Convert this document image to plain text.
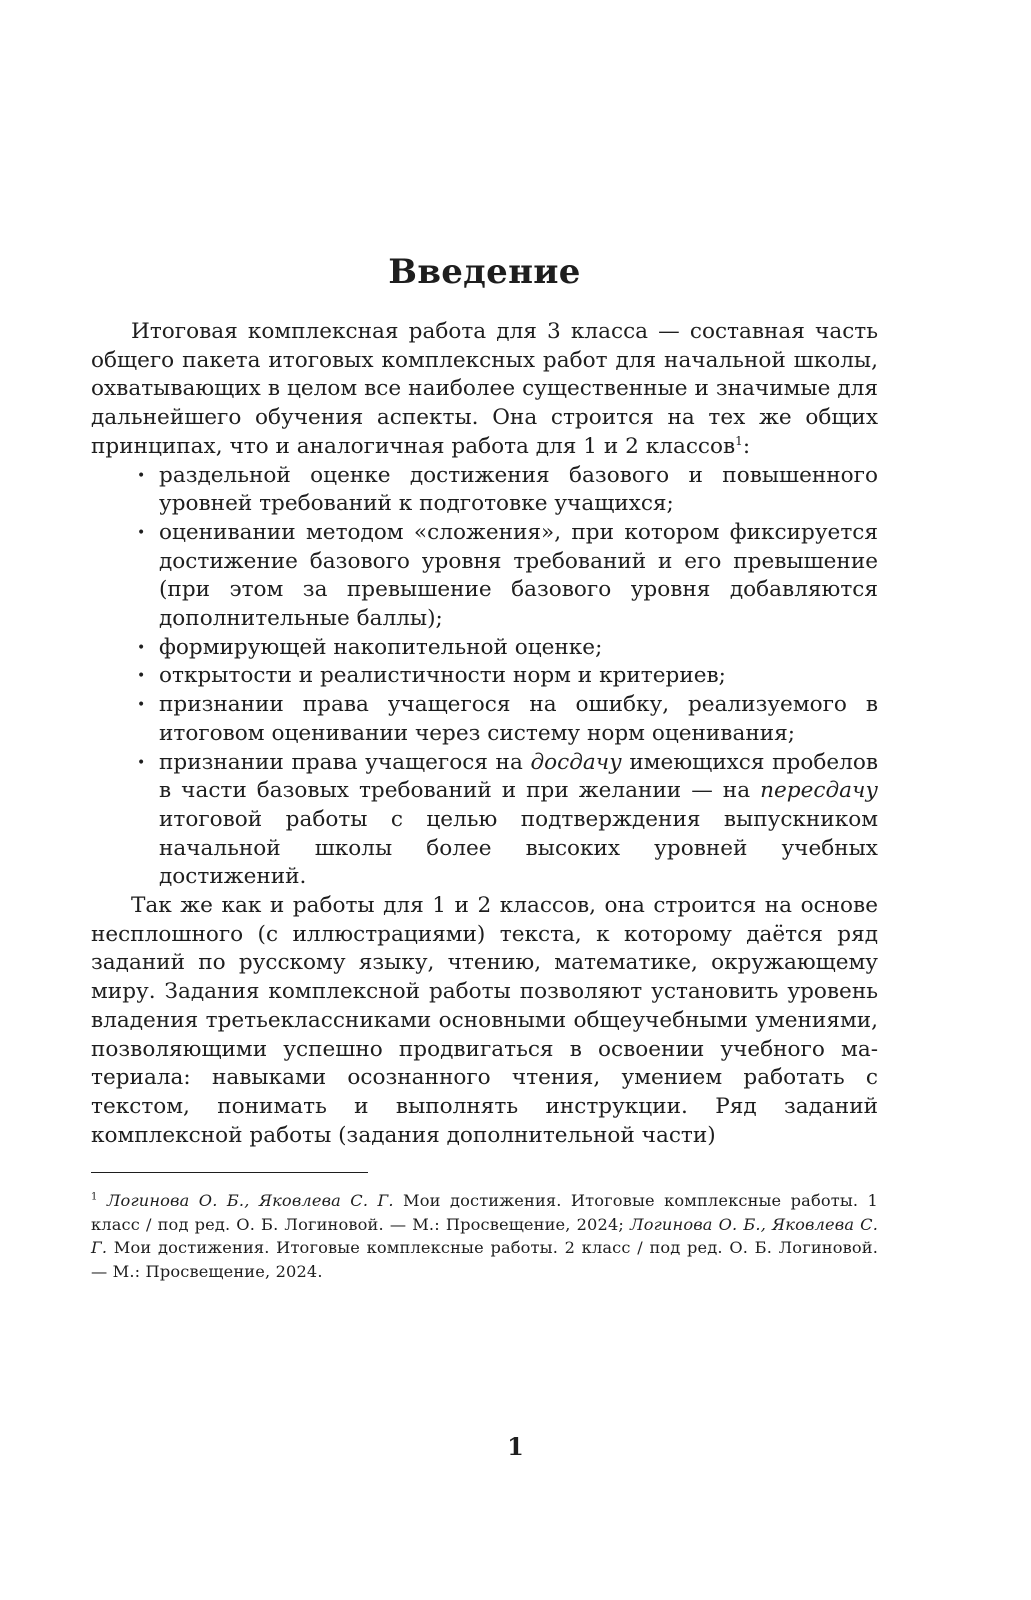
Введение

Итоговая комплексная работа для 3 класса — составная часть общего пакета итоговых комплексных работ для начальной школы, охватывающих в целом все наиболее существенные и значимые для дальнейшего обучения аспекты. Она строится на тех же общих принципах, что и аналогичная работа для 1 и 2 классов$^1$:

• раздельной оценке достижения базового и повышенного уровней требований к подготовке учащихся;
• оценивании методом «сложения», при котором фиксируется достижение базового уровня требований и его превышение (при этом за превышение базового уровня добавляются дополнительные баллы);
• формирующей накопительной оценке;
• открытости и реалистичности норм и критериев;
• признании права учащегося на ошибку, реализуемого в итоговом оценивании через систему норм оценивания;
• признании права учащегося на досдачу имеющихся пробелов в части базовых требований и при желании — на пересдачу итоговой работы с целью подтверждения выпускником начальной школы более высоких уровней учебных достижений.

Так же как и работы для 1 и 2 классов, она строится на основе несплошного (с иллюстрациями) текста, к которому даётся ряд заданий по русскому языку, чтению, математике, окружающему миру. Задания комплексной работы позволяют установить уровень владения третьеклассниками основными общеучебными умениями, позволяющими успешно продвигаться в освоении учебного материала: навыками осознанного чтения, умением работать с текстом, понимать и выполнять инструкции. Ряд заданий комплексной работы (задания дополнительной части)

$^1$ Логинова О. Б., Яковлева С. Г. Мои достижения. Итоговые комплексные работы. 1 класс / под ред. О. Б. Логиновой. — М.: Просвещение, 2024; Логинова О. Б., Яковлева С. Г. Мои достижения. Итоговые комплексные работы. 2 класс / под ред. О. Б. Логиновой. — М.: Просвещение, 2024.
1
